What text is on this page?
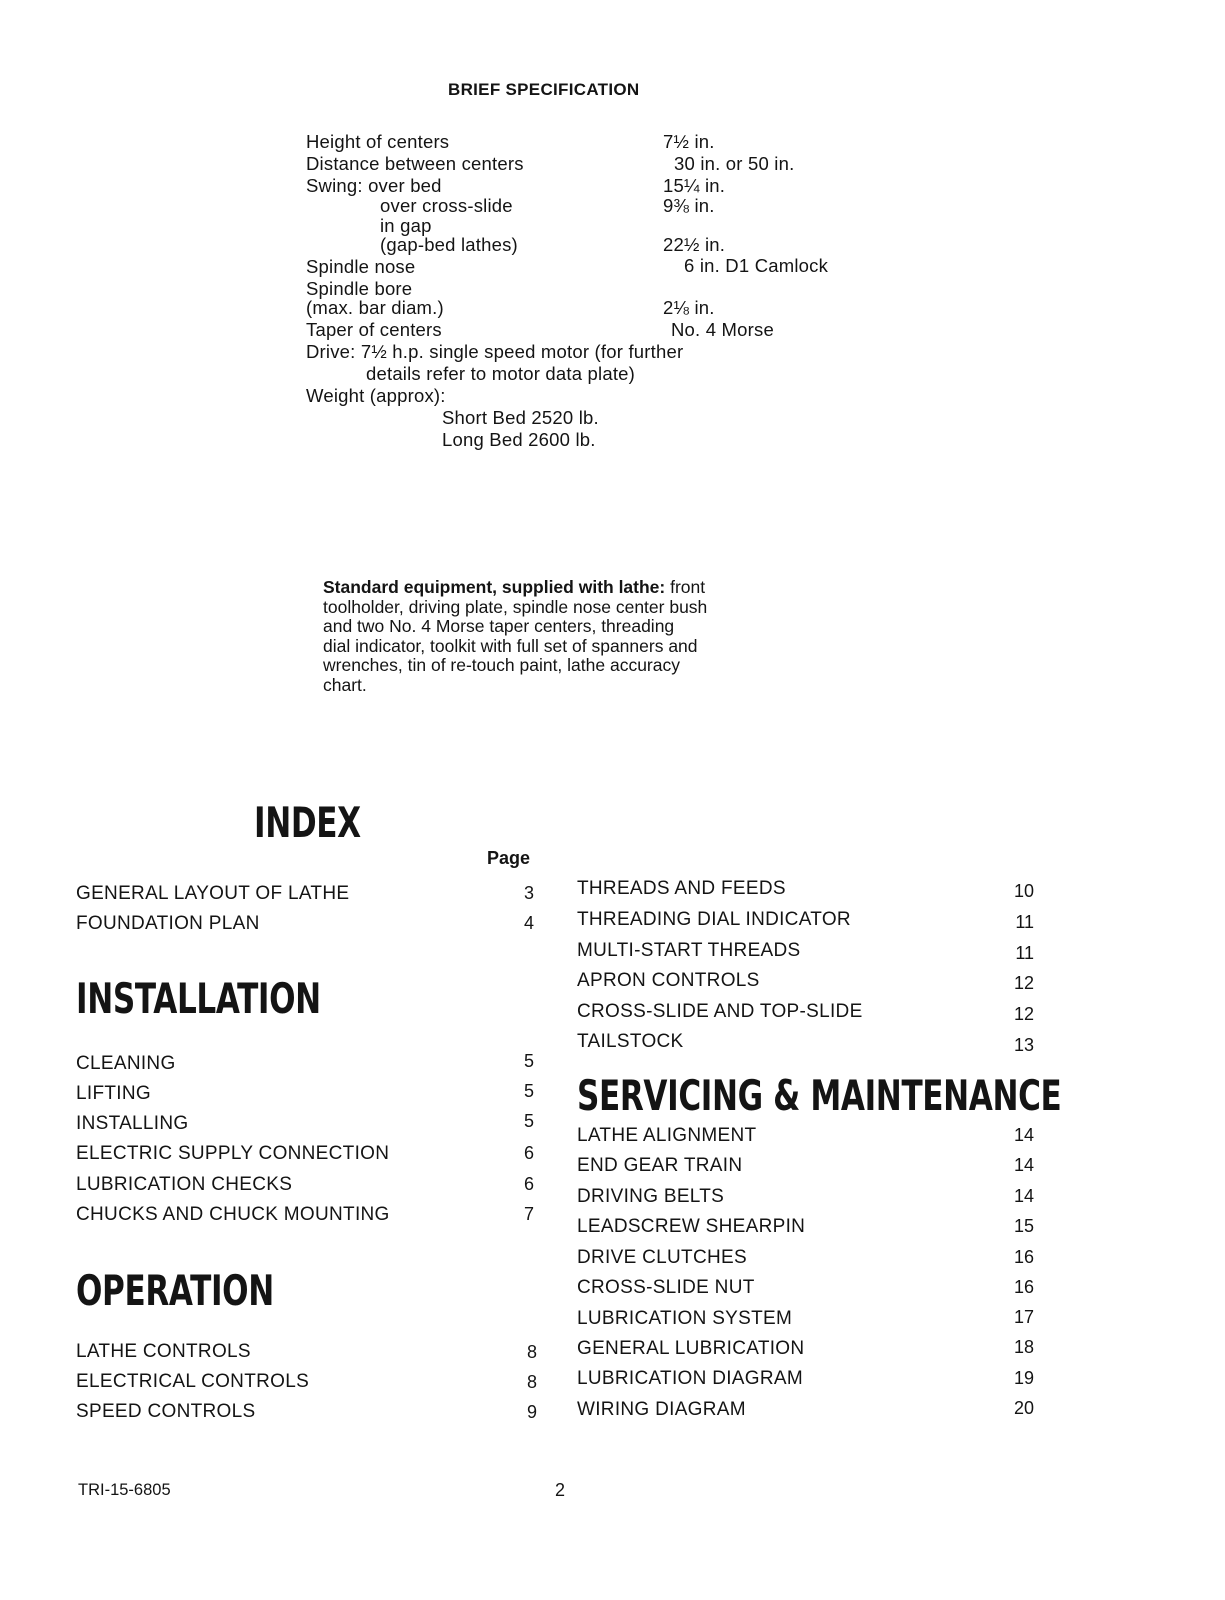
BRIEF SPECIFICATION
Height of centers	7½ in.
Distance between centers	30 in. or 50 in.
Swing: over bed	15¼ in.
over cross-slide	9⅜ in.
in gap
(gap-bed lathes)	22½ in.
Spindle nose	6 in. D1 Camlock
Spindle bore
(max. bar diam.)	2⅛ in.
Taper of centers	No. 4 Morse
Drive: 7½ h.p. single speed motor (for further
details refer to motor data plate)
Weight (approx):
Short Bed 2520 lb.
Long Bed 2600 lb.
Standard equipment, supplied with lathe: front
toolholder, driving plate, spindle nose center bush
and two No. 4 Morse taper centers, threading
dial indicator, toolkit with full set of spanners and
wrenches, tin of re-touch paint, lathe accuracy
chart.
INDEX
Page
GENERAL LAYOUT OF LATHE	3
FOUNDATION PLAN	4
INSTALLATION
CLEANING	5
LIFTING	5
INSTALLING	5
ELECTRIC SUPPLY CONNECTION	6
LUBRICATION CHECKS	6
CHUCKS AND CHUCK MOUNTING	7
OPERATION
LATHE CONTROLS	8
ELECTRICAL CONTROLS	8
SPEED CONTROLS	9
THREADS AND FEEDS	10
THREADING DIAL INDICATOR	11
MULTI-START THREADS	11
APRON CONTROLS	12
CROSS-SLIDE AND TOP-SLIDE	12
TAILSTOCK	13
SERVICING & MAINTENANCE
LATHE ALIGNMENT	14
END GEAR TRAIN	14
DRIVING BELTS	14
LEADSCREW SHEARPIN	15
DRIVE CLUTCHES	16
CROSS-SLIDE NUT	16
LUBRICATION SYSTEM	17
GENERAL LUBRICATION	18
LUBRICATION DIAGRAM	19
WIRING DIAGRAM	20
TRI-15-6805	2
